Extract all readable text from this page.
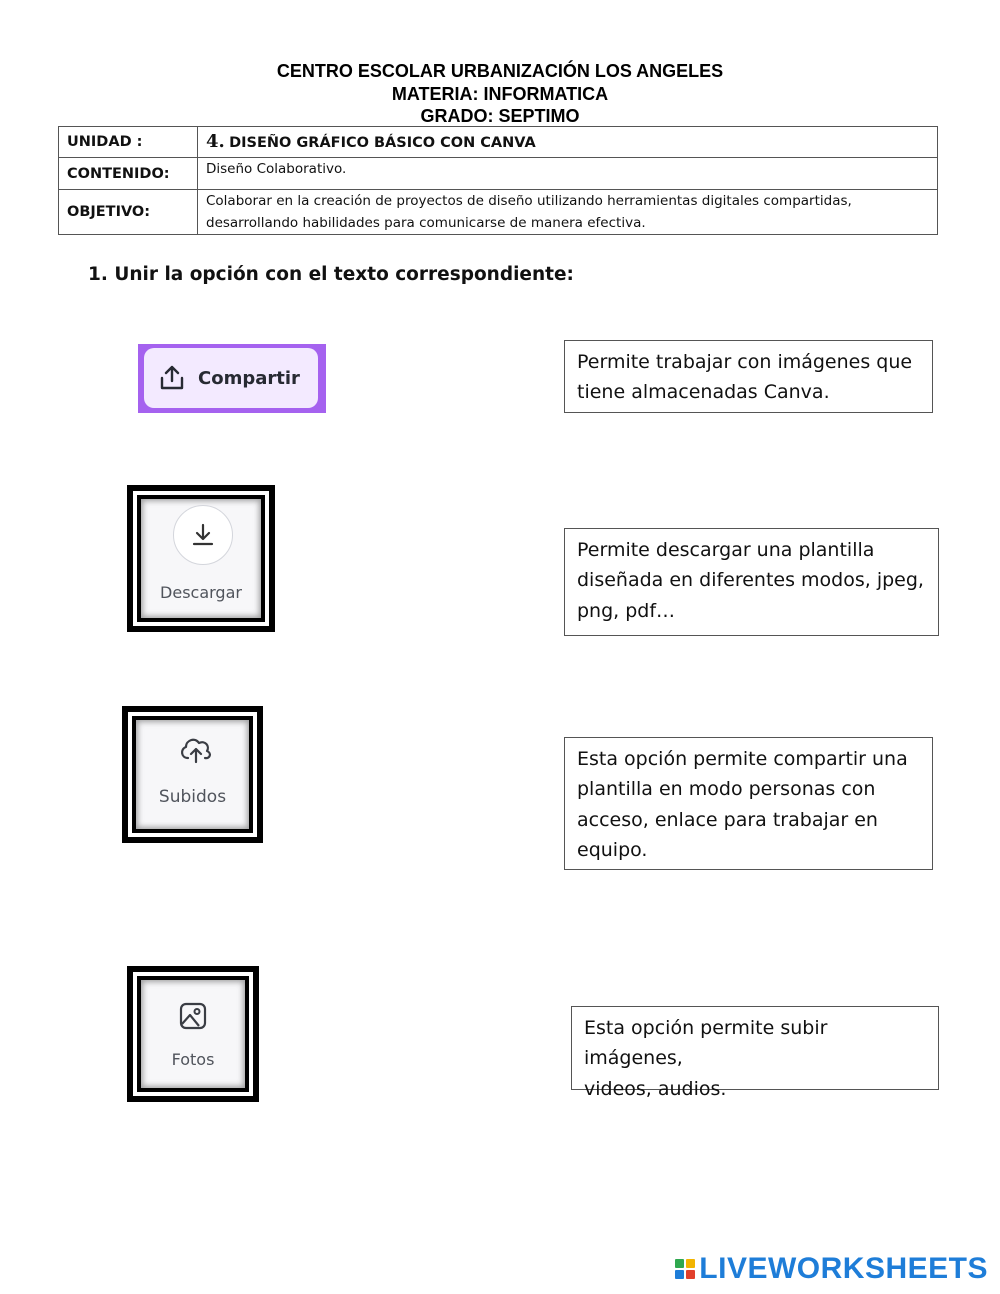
CENTRO ESCOLAR URBANIZACIÓN LOS ANGELES
MATERIA: INFORMATICA
GRADO: SEPTIMO
UNIDAD :	4. DISEÑO GRÁFICO BÁSICO CON CANVA
CONTENIDO:	Diseño Colaborativo.
OBJETIVO:	Colaborar en la creación de proyectos de diseño utilizando herramientas digitales compartidas,
desarrollando habilidades para comunicarse de manera efectiva.
1. Unir la opción con el texto correspondiente:
Compartir
Descargar
Subidos
Fotos
Permite trabajar con imágenes que
tiene almacenadas Canva.
Permite descargar una plantilla
diseñada en diferentes modos, jpeg,
png, pdf…
Esta opción permite compartir una
plantilla en modo personas con
acceso, enlace para trabajar en
equipo.
Esta opción permite subir imágenes,
videos, audios.
LIVEWORKSHEETS
